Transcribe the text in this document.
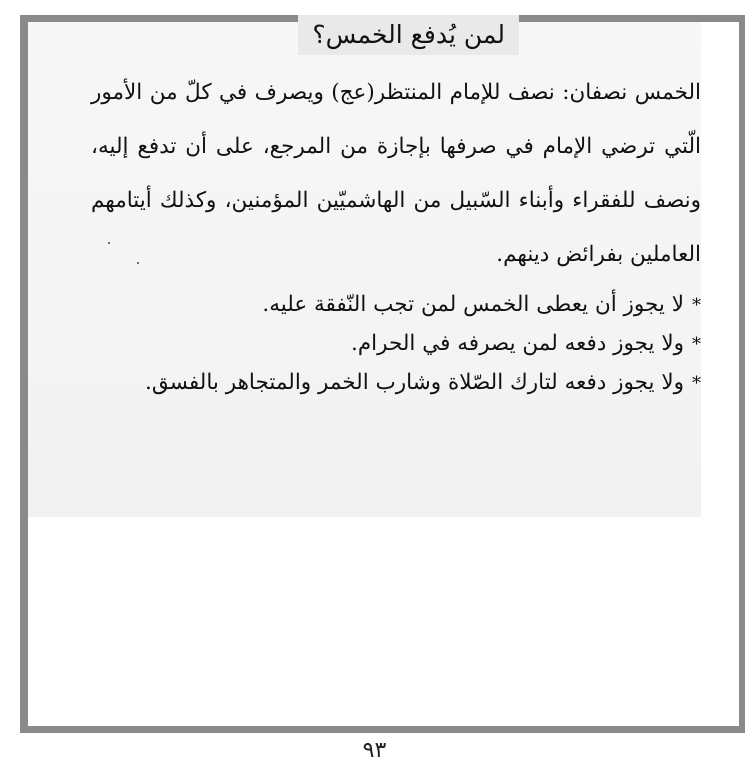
لمن يُدفع الخمس؟
الخمس نصفان: نصف للإمام المنتظر(عج) ويصرف في كلّ من الأمور الّتي ترضي الإمام في صرفها بإجازة من المرجع، على أن تدفع إليه، ونصف للفقراء وأبناء السّبيل من الهاشميّين المؤمنين، وكذلك أيتامهم العاملين بفرائض دينهم.
*لا يجوز أن يعطى الخمس لمن تجب النّفقة عليه.
*ولا يجوز دفعه لمن يصرفه في الحرام.
*ولا يجوز دفعه لتارك الصّلاة وشارب الخمر والمتجاهر بالفسق.
٩٣
